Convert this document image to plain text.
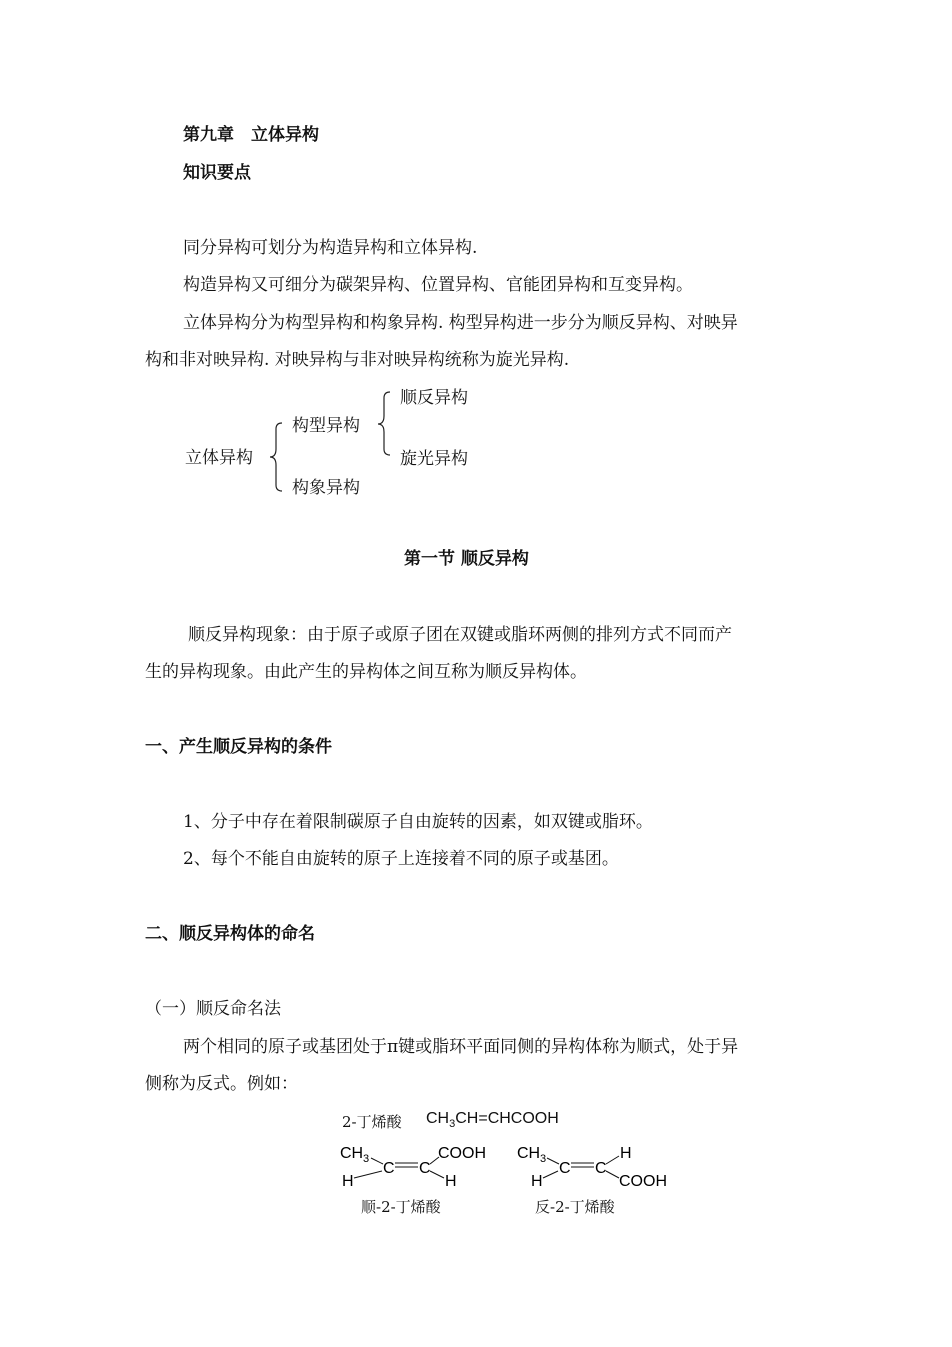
第九章　立体异构
知识要点
同分异构可划分为构造异构和立体异构.
构造异构又可细分为碳架异构、位置异构、官能团异构和互变异构。
立体异构分为构型异构和构象异构. 构型异构进一步分为顺反异构、对映异
构和非对映异构. 对映异构与非对映异构统称为旋光异构.
立体异构
构型异构
构象异构
顺反异构
旋光异构
第一节 顺反异构
顺反异构现象：由于原子或原子团在双键或脂环两侧的排列方式不同而产
生的异构现象。由此产生的异构体之间互称为顺反异构体。
一、产生顺反异构的条件
1、分子中存在着限制碳原子自由旋转的因素，如双键或脂环。
2、每个不能自由旋转的原子上连接着不同的原子或基团。
二、顺反异构体的命名
（一）顺反命名法
两个相同的原子或基团处于π键或脂环平面同侧的异构体称为顺式，处于异
侧称为反式。例如：
2-丁烯酸 $CH_3CH=CHCOOH$
CH 3
H
C C
COOH
H
CH 3
H
C C
H
COOH
顺-2-丁烯酸	反-2-丁烯酸
